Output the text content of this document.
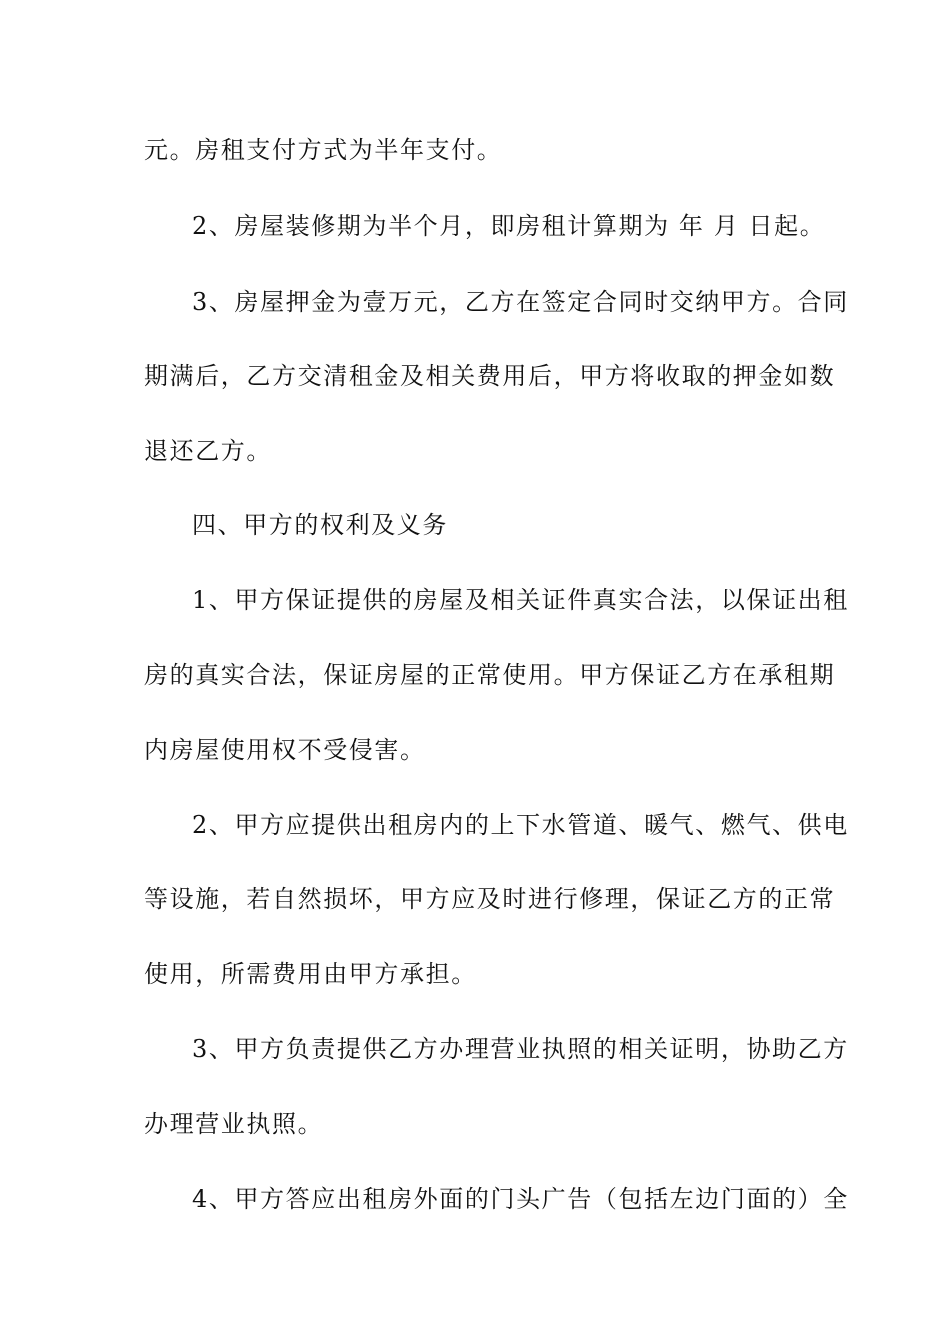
元。房租支付方式为半年支付。
2、房屋装修期为半个月，即房租计算期为 年 月 日起。
3、房屋押金为壹万元，乙方在签定合同时交纳甲方。合同
期满后，乙方交清租金及相关费用后，甲方将收取的押金如数
退还乙方。
四、甲方的权利及义务
1、甲方保证提供的房屋及相关证件真实合法，以保证出租
房的真实合法，保证房屋的正常使用。甲方保证乙方在承租期
内房屋使用权不受侵害。
2、甲方应提供出租房内的上下水管道、暖气、燃气、供电
等设施，若自然损坏，甲方应及时进行修理，保证乙方的正常
使用，所需费用由甲方承担。
3、甲方负责提供乙方办理营业执照的相关证明，协助乙方
办理营业执照。
4、甲方答应出租房外面的门头广告（包括左边门面的）全
